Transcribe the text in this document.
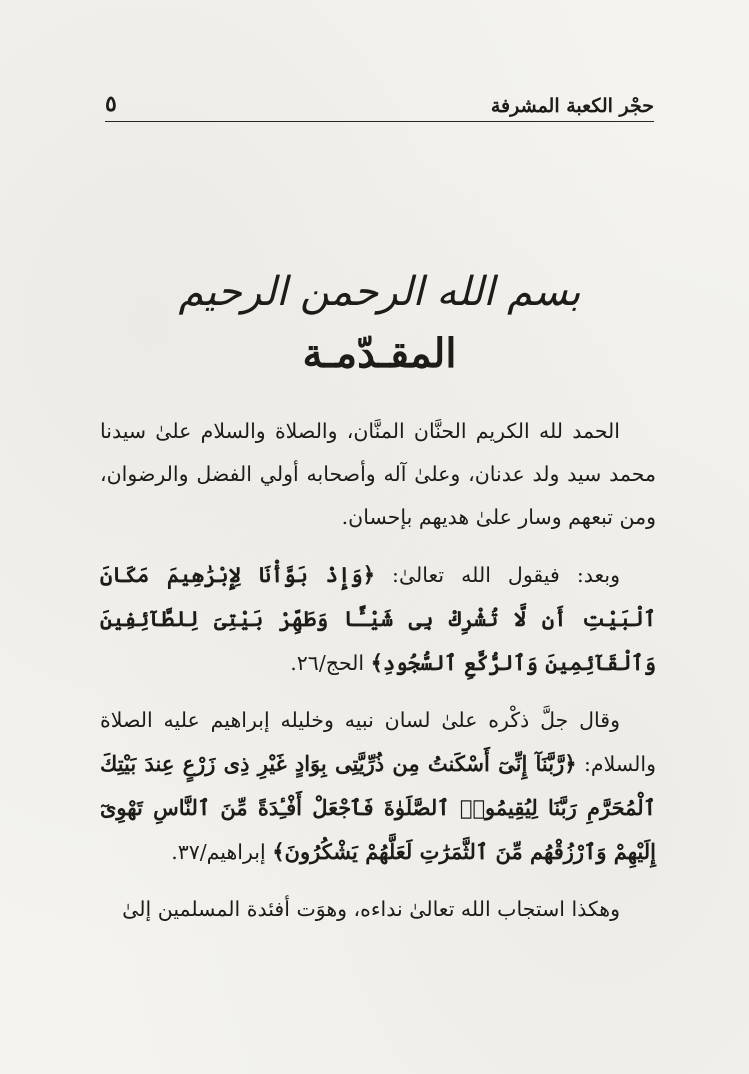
حجْر الكعبة المشرفة
٥
بسم الله الرحمن الرحيم
المقـدّمـة

الحمد لله الكريم الحنَّان المنَّان، والصلاة والسلام علىٰ سيدنا محمد سيد ولد عدنان، وعلىٰ آله وأصحابه أولي الفضل والرضوان، ومن تبعهم وسار علىٰ هديهم بإحسان.

وبعد: فيقول الله تعالىٰ: ﴿وَإِذْ بَوَّأْنَا لِإِبْرَٰهِيمَ مَكَانَ ٱلْبَيْتِ أَن لَّا تُشْرِكْ بِى شَيْـًٔا وَطَهِّرْ بَيْتِىَ لِلطَّآئِفِينَ وَٱلْقَآئِمِينَ وَٱلرُّكَّعِ ٱلسُّجُودِ﴾ الحج/٢٦.

وقال جلَّ ذكْره علىٰ لسان نبيه وخليله إبراهيم عليه الصلاة والسلام: ﴿رَّبَّنَآ إِنِّىٓ أَسْكَنتُ مِن ذُرِّيَّتِى بِوَادٍ غَيْرِ ذِى زَرْعٍ عِندَ بَيْتِكَ ٱلْمُحَرَّمِ رَبَّنَا لِيُقِيمُوا۟ ٱلصَّلَوٰةَ فَٱجْعَلْ أَفْـِٔدَةً مِّنَ ٱلنَّاسِ تَهْوِىٓ إِلَيْهِمْ وَٱرْزُقْهُم مِّنَ ٱلثَّمَرَٰتِ لَعَلَّهُمْ يَشْكُرُونَ﴾ إبراهيم/٣٧.

وهكذا استجاب الله تعالىٰ نداءه، وهوَت أفئدة المسلمين إلىٰ
